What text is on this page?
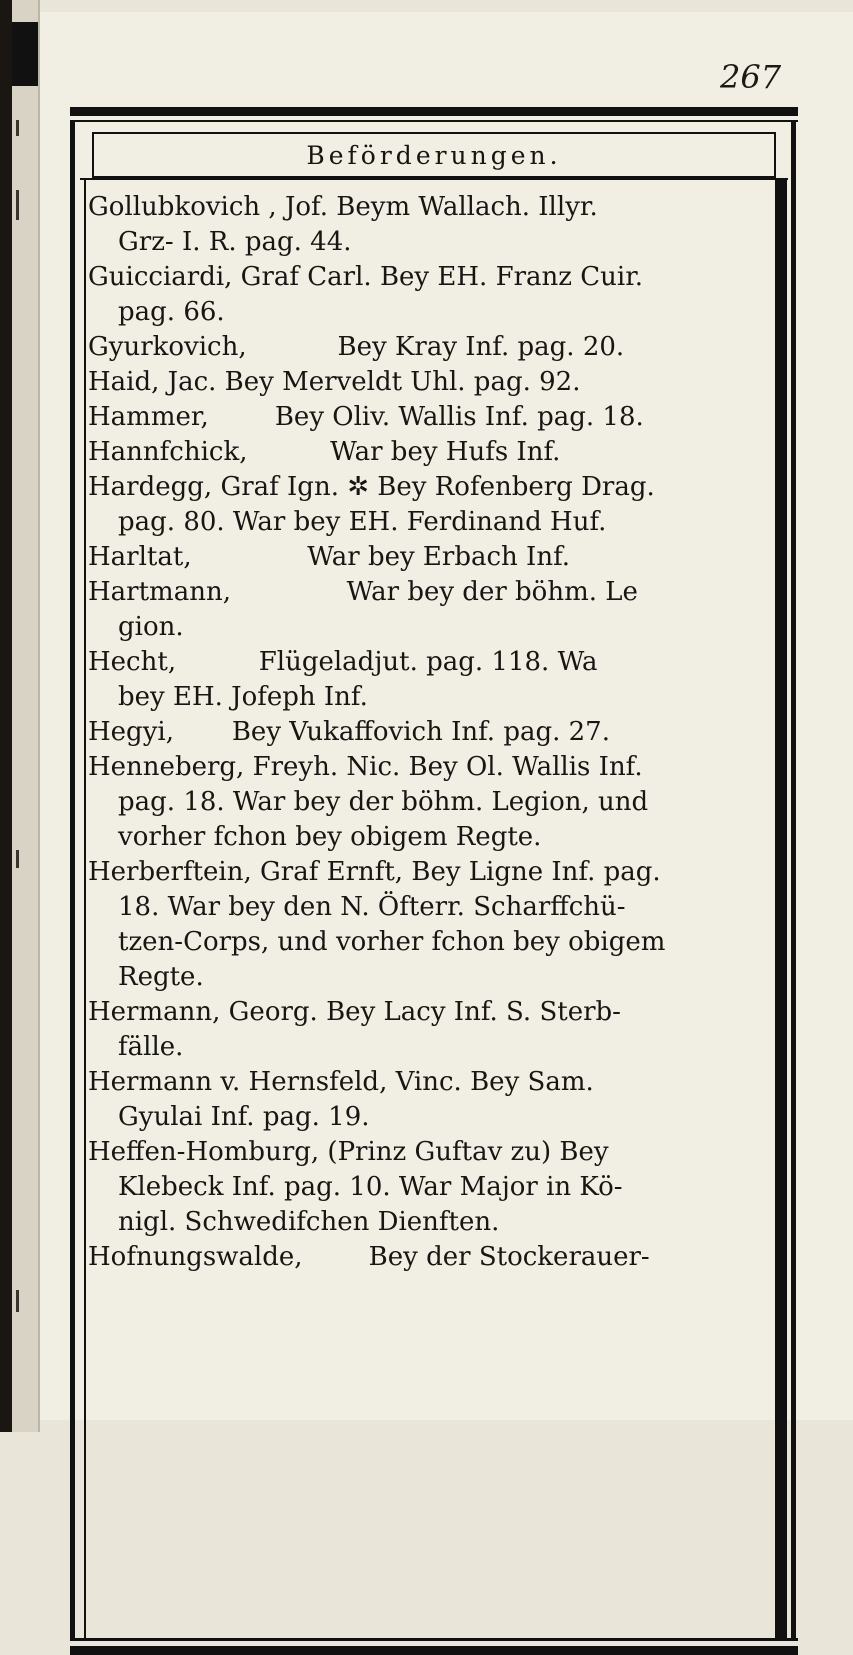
267
Beförderungen.
Gollubkovich , Jof. Beym Wallach. Illyr.
Grz- I. R. pag. 44.
Guicciardi, Graf Carl. Bey EH. Franz Cuir.
pag. 66.
Gyurkovich,           Bey Kray Inf. pag. 20.
Haid, Jac. Bey Merveldt Uhl. pag. 92.
Hammer,        Bey Oliv. Wallis Inf. pag. 18.
Hannfchick,          War bey Hufs Inf.
Hardegg, Graf Ign. ✲ Bey Rofenberg Drag.
pag. 80. War bey EH. Ferdinand Huf.
Harltat,              War bey Erbach Inf.
Hartmann,              War bey der böhm. Le
gion.
Hecht,          Flügeladjut. pag. 118. Wa
bey EH. Jofeph Inf.
Hegyi,       Bey Vukaffovich Inf. pag. 27.
Henneberg, Freyh. Nic. Bey Ol. Wallis Inf.
pag. 18. War bey der böhm. Legion, und
vorher fchon bey obigem Regte.
Herberftein, Graf Ernft, Bey Ligne Inf. pag.
18. War bey den N. Öfterr. Scharffchü-
tzen-Corps, und vorher fchon bey obigem
Regte.
Hermann, Georg. Bey Lacy Inf. S. Sterb-
fälle.
Hermann v. Hernsfeld, Vinc. Bey Sam.
Gyulai Inf. pag. 19.
Heffen-Homburg, (Prinz Guftav zu) Bey
Klebeck Inf. pag. 10. War Major in Kö-
nigl. Schwedifchen Dienften.
Hofnungswalde,        Bey der Stockerauer-
